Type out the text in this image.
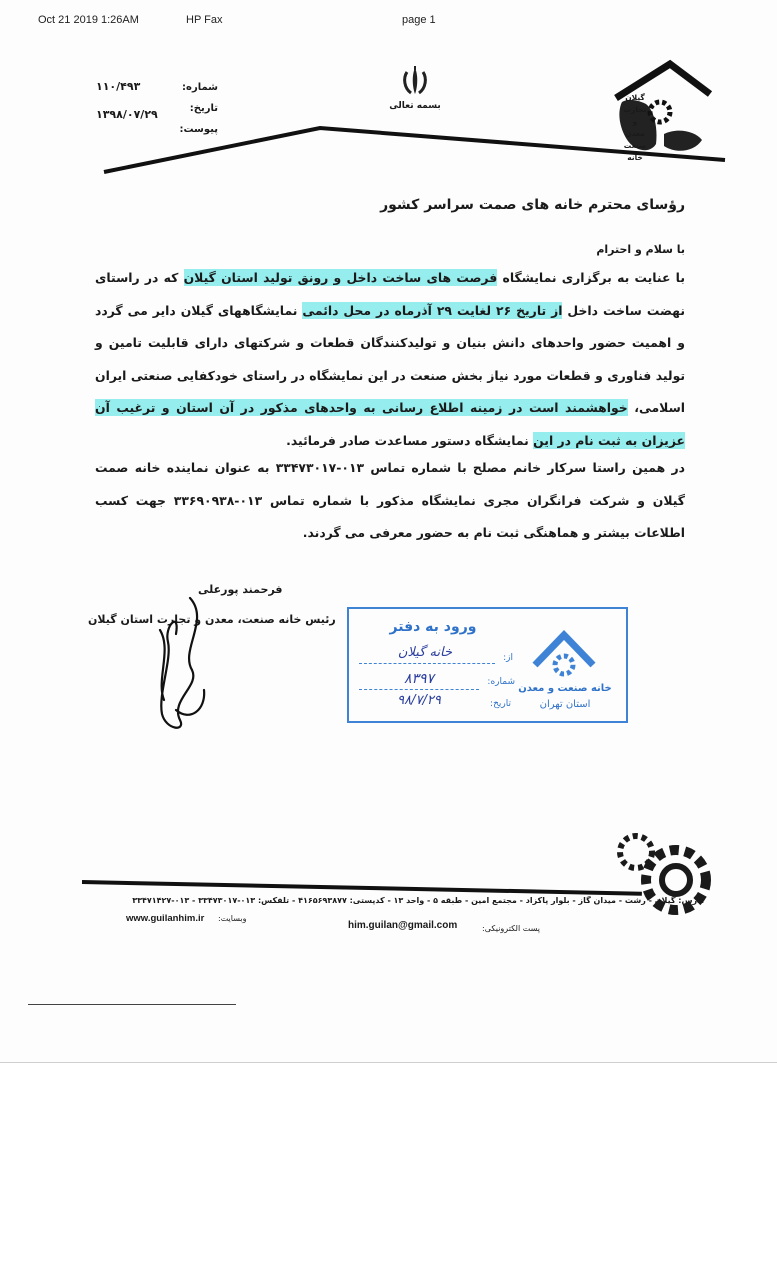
Oct 21 2019 1:26AM	HP Fax	page 1
شماره:
۱۱۰/۴۹۳
تاریخ:
۱۳۹۸/۰۷/۲۹
پیوست:
بسمه تعالی
گیلان
تجارت
و
معدن
صنعت
خانه
رؤسای محترم خانه های صمت سراسر کشور
با سلام و احترام
با عنایت به برگزاری نمایشگاه فرصت های ساخت داخل و رونق تولید استان گیلان که در راستای نهضت ساخت داخل از تاریخ ۲۶ لغایت ۲۹ آذرماه در محل دائمی نمایشگاههای گیلان دایر می گردد و اهمیت حضور واحدهای دانش بنیان و تولیدکنندگان قطعات و شرکتهای دارای قابلیت تامین و تولید فناوری و قطعات مورد نیاز بخش صنعت در این نمایشگاه در راستای خودکفایی صنعتی ایران اسلامی، خواهشمند است در زمینه اطلاع رسانی به واحدهای مذکور در آن استان و ترغیب آن عزیزان به ثبت نام در این نمایشگاه دستور مساعدت صادر فرمائید.
در همین راستا سرکار خانم مصلح با شماره تماس ۰۱۳-۳۳۴۷۳۰۱۷ به عنوان نماینده خانه صمت گیلان و شرکت فرانگران مجری نمایشگاه مذکور با شماره تماس ۰۱۳-۳۳۶۹۰۹۳۸ جهت کسب اطلاعات بیشتر و هماهنگی ثبت نام به حضور معرفی می گردند.
فرحمند پورعلی
رئیس خانه صنعت، معدن و تجارت استان گیلان	ورود به دفتر
از:
خانه گیلان
شماره:
۸۳۹۷
تاریخ:
۹۸/۷/۲۹
خانه صنعت و معدن
استان تهران
آدرس: گیلان - رشت - میدان گاز - بلوار پاکزاد - مجتمع امین - طبقه ۵ - واحد ۱۳ - کدپستی: ۴۱۶۵۶۹۳۸۷۷ - تلفکس: ۰۱۳-۳۳۴۷۳۰۱۷ - ۰۱۳-۳۳۴۷۱۴۲۷
www.guilanhim.ir وبسایت:
him.guilan@gmail.com	پست الکترونیکی:
